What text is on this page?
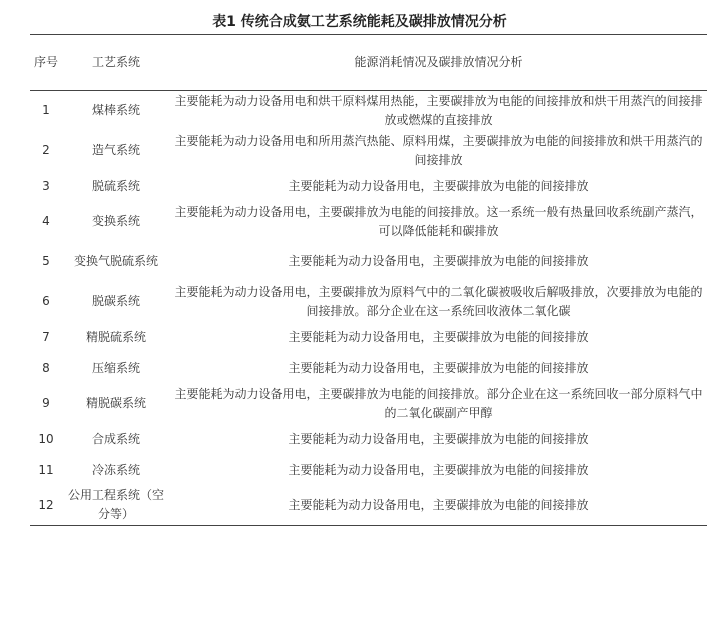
表1 传统合成氨工艺系统能耗及碳排放情况分析
序号	工艺系统	能源消耗情况及碳排放情况分析
1	煤棒系统	主要能耗为动力设备用电和烘干原料煤用热能，主要碳排放为电能的间接排放和烘干用蒸汽的间接排放或燃煤的直接排放
2	造气系统	主要能耗为动力设备用电和所用蒸汽热能、原料用煤，主要碳排放为电能的间接排放和烘干用蒸汽的间接排放
3	脱硫系统	主要能耗为动力设备用电，主要碳排放为电能的间接排放
4	变换系统	主要能耗为动力设备用电，主要碳排放为电能的间接排放。这一系统一般有热量回收系统副产蒸汽，可以降低能耗和碳排放
5	变换气脱硫系统	主要能耗为动力设备用电，主要碳排放为电能的间接排放
6	脱碳系统	主要能耗为动力设备用电，主要碳排放为原料气中的二氧化碳被吸收后解吸排放，次要排放为电能的间接排放。部分企业在这一系统回收液体二氧化碳
7	精脱硫系统	主要能耗为动力设备用电，主要碳排放为电能的间接排放
8	压缩系统	主要能耗为动力设备用电，主要碳排放为电能的间接排放
9	精脱碳系统	主要能耗为动力设备用电，主要碳排放为电能的间接排放。部分企业在这一系统回收一部分原料气中的二氧化碳副产甲醇
10	合成系统	主要能耗为动力设备用电，主要碳排放为电能的间接排放
11	冷冻系统	主要能耗为动力设备用电，主要碳排放为电能的间接排放
12	公用工程系统（空分等）	主要能耗为动力设备用电，主要碳排放为电能的间接排放
